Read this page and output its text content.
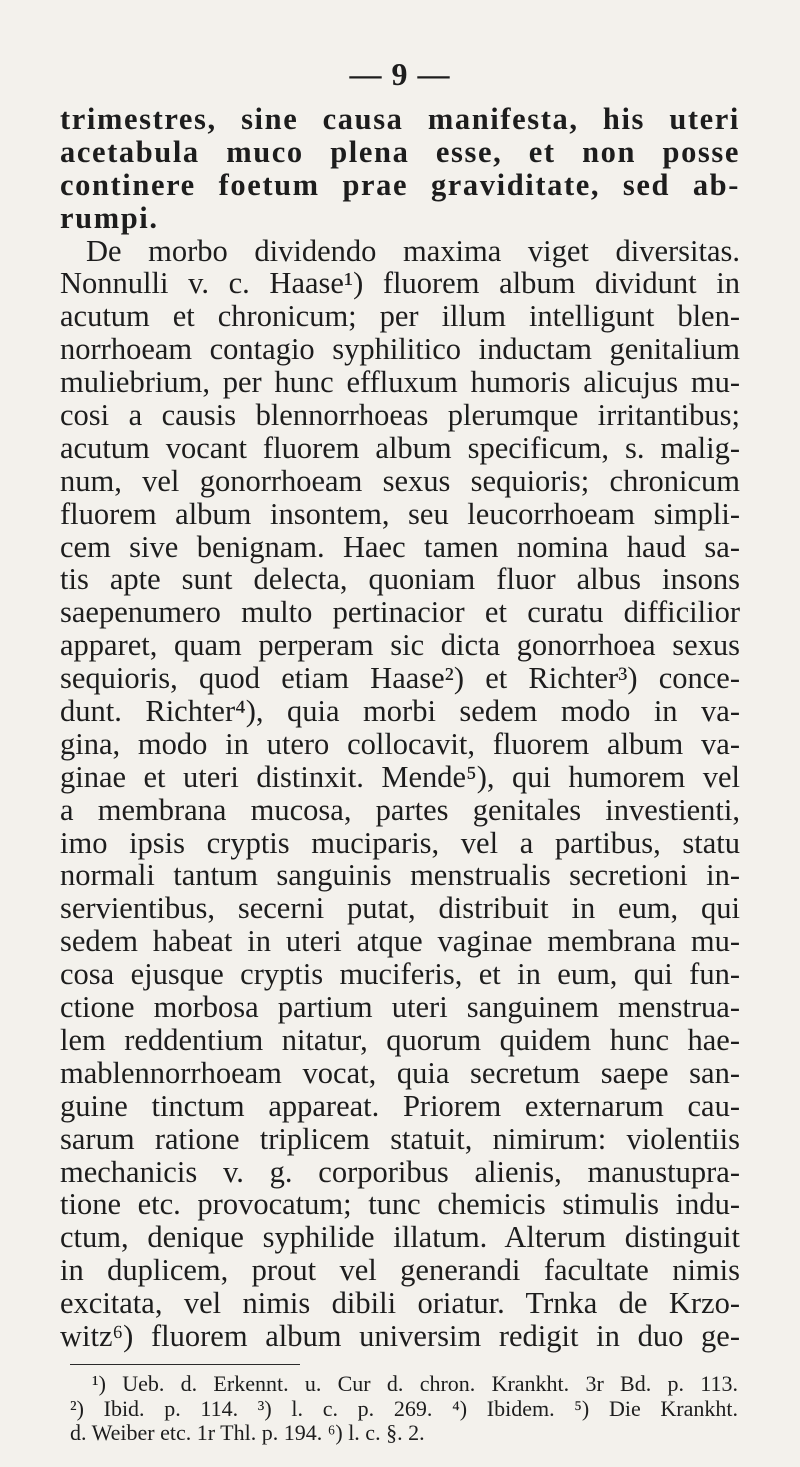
— 9 —
trimestres, sine causa manifesta, his uteri
acetabula muco plena esse, et non posse
continere foetum prae graviditate, sed ab-
rumpi.
De morbo dividendo maxima viget diversitas.
Nonnulli v. c. Haase¹) fluorem album dividunt in
acutum et chronicum; per illum intelligunt blen-
norrhoeam contagio syphilitico inductam genitalium
muliebrium, per hunc effluxum humoris alicujus mu-
cosi a causis blennorrhoeas plerumque irritantibus;
acutum vocant fluorem album specificum, s. malig-
num, vel gonorrhoeam sexus sequioris; chronicum
fluorem album insontem, seu leucorrhoeam simpli-
cem sive benignam. Haec tamen nomina haud sa-
tis apte sunt delecta, quoniam fluor albus insons
saepenumero multo pertinacior et curatu difficilior
apparet, quam perperam sic dicta gonorrhoea sexus
sequioris, quod etiam Haase²) et Richter³) conce-
dunt. Richter⁴), quia morbi sedem modo in va-
gina, modo in utero collocavit, fluorem album va-
ginae et uteri distinxit. Mende⁵), qui humorem vel
a membrana mucosa, partes genitales investienti,
imo ipsis cryptis muciparis, vel a partibus, statu
normali tantum sanguinis menstrualis secretioni in-
servientibus, secerni putat, distribuit in eum, qui
sedem habeat in uteri atque vaginae membrana mu-
cosa ejusque cryptis muciferis, et in eum, qui fun-
ctione morbosa partium uteri sanguinem menstrua-
lem reddentium nitatur, quorum quidem hunc hae-
mablennorrhoeam vocat, quia secretum saepe san-
guine tinctum appareat. Priorem externarum cau-
sarum ratione triplicem statuit, nimirum: violentiis
mechanicis v. g. corporibus alienis, manustupra-
tione etc. provocatum; tunc chemicis stimulis indu-
ctum, denique syphilide illatum. Alterum distinguit
in duplicem, prout vel generandi facultate nimis
excitata, vel nimis dibili oriatur. Trnka de Krzo-
witz⁶) fluorem album universim redigit in duo ge-
¹) Ueb. d. Erkennt. u. Cur d. chron. Krankht. 3r Bd. p. 113.
²) Ibid. p. 114. ³) l. c. p. 269. ⁴) Ibidem. ⁵) Die Krankht.
d. Weiber etc. 1r Thl. p. 194. ⁶) l. c. §. 2.
